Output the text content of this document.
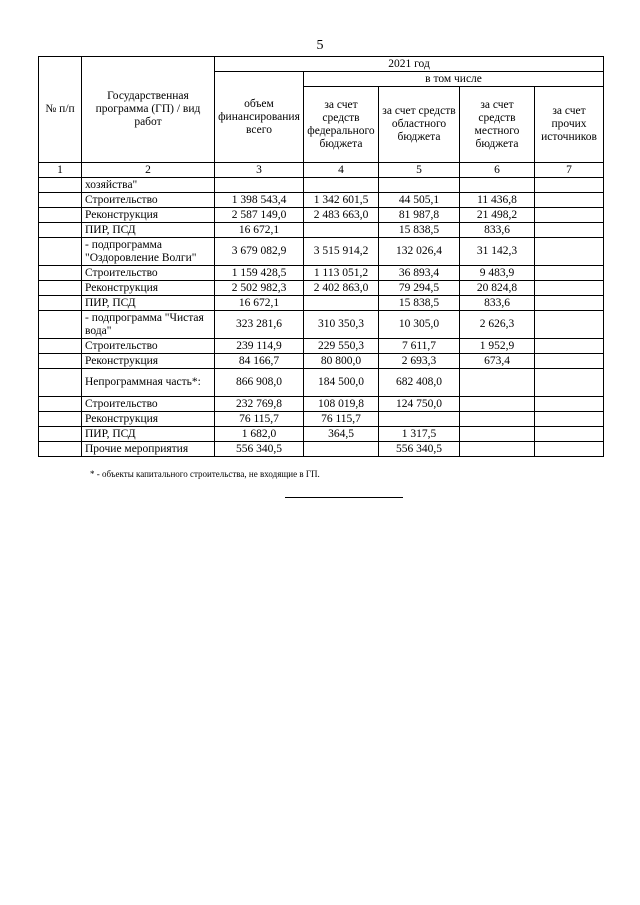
5
№ п/п	Государственная программа (ГП) / вид работ	2021 год				
		объем финансирования всего	в том числе			
			за счет средств федерального бюджета	за счет средств областного бюджета	за счет средств местного бюджета	за счет прочих источников
1	2	3	4	5	6	7
	хозяйства"					
	Строительство	1 398 543,4	1 342 601,5	44 505,1	11 436,8	
	Реконструкция	2 587 149,0	2 483 663,0	81 987,8	21 498,2	
	ПИР, ПСД	16 672,1		15 838,5	833,6	
	- подпрограмма "Оздоровление Волги"	3 679 082,9	3 515 914,2	132 026,4	31 142,3	
	Строительство	1 159 428,5	1 113 051,2	36 893,4	9 483,9	
	Реконструкция	2 502 982,3	2 402 863,0	79 294,5	20 824,8	
	ПИР, ПСД	16 672,1		15 838,5	833,6	
	- подпрограмма "Чистая вода"	323 281,6	310 350,3	10 305,0	2 626,3	
	Строительство	239 114,9	229 550,3	7 611,7	1 952,9	
	Реконструкция	84 166,7	80 800,0	2 693,3	673,4	
	Непрограммная часть*:	866 908,0	184 500,0	682 408,0		
	Строительство	232 769,8	108 019,8	124 750,0		
	Реконструкция	76 115,7	76 115,7			
	ПИР, ПСД	1 682,0	364,5	1 317,5		
	Прочие мероприятия	556 340,5		556 340,5		
* - объекты капитального строительства, не входящие в ГП.
